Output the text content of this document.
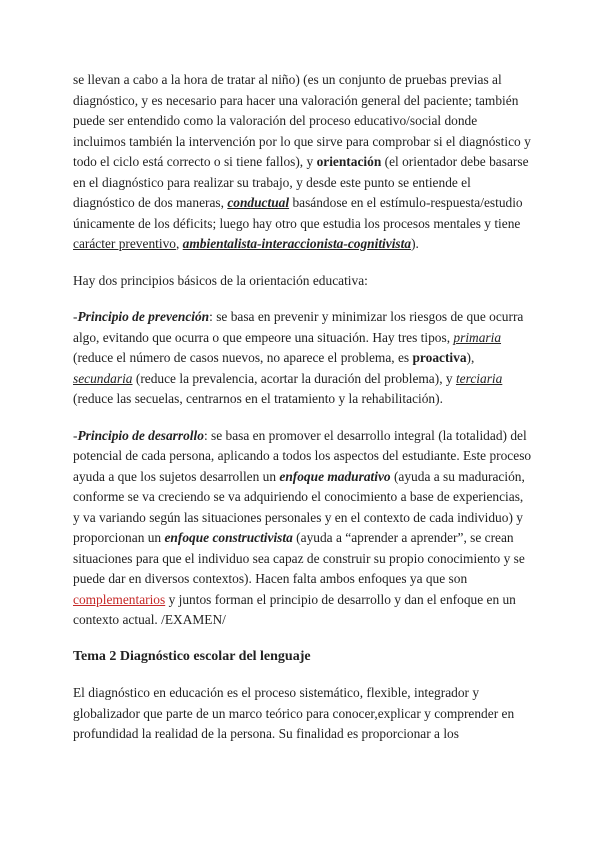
se llevan a cabo a la hora de tratar al niño) (es un conjunto de pruebas previas al diagnóstico, y es necesario para hacer una valoración general del paciente; también puede ser entendido como la valoración del proceso educativo/social donde incluimos también la intervención por lo que sirve para comprobar si el diagnóstico y todo el ciclo está correcto o si tiene fallos), y orientación (el orientador debe basarse en el diagnóstico para realizar su trabajo, y desde este punto se entiende el diagnóstico de dos maneras, conductual basándose en el estímulo-respuesta/estudio únicamente de los déficits; luego hay otro que estudia los procesos mentales y tiene carácter preventivo, ambientalista-interaccionista-cognitivista).

Hay dos principios básicos de la orientación educativa:

-Principio de prevención: se basa en prevenir y minimizar los riesgos de que ocurra algo, evitando que ocurra o que empeore una situación. Hay tres tipos, primaria (reduce el número de casos nuevos, no aparece el problema, es proactiva), secundaria (reduce la prevalencia, acortar la duración del problema), y terciaria (reduce las secuelas, centrarnos en el tratamiento y la rehabilitación).

-Principio de desarrollo: se basa en promover el desarrollo integral (la totalidad) del potencial de cada persona, aplicando a todos los aspectos del estudiante. Este proceso ayuda a que los sujetos desarrollen un enfoque madurativo (ayuda a su maduración, conforme se va creciendo se va adquiriendo el conocimiento a base de experiencias, y va variando según las situaciones personales y en el contexto de cada individuo) y proporcionan un enfoque constructivista (ayuda a “aprender a aprender”, se crean situaciones para que el individuo sea capaz de construir su propio conocimiento y se puede dar en diversos contextos). Hacen falta ambos enfoques ya que son complementarios y juntos forman el principio de desarrollo y dan el enfoque en un contexto actual. /EXAMEN/

Tema 2 Diagnóstico escolar del lenguaje

El diagnóstico en educación es el proceso sistemático, flexible, integrador y globalizador que parte de un marco teórico para conocer,explicar y comprender en profundidad la realidad de la persona. Su finalidad es proporcionar a los
